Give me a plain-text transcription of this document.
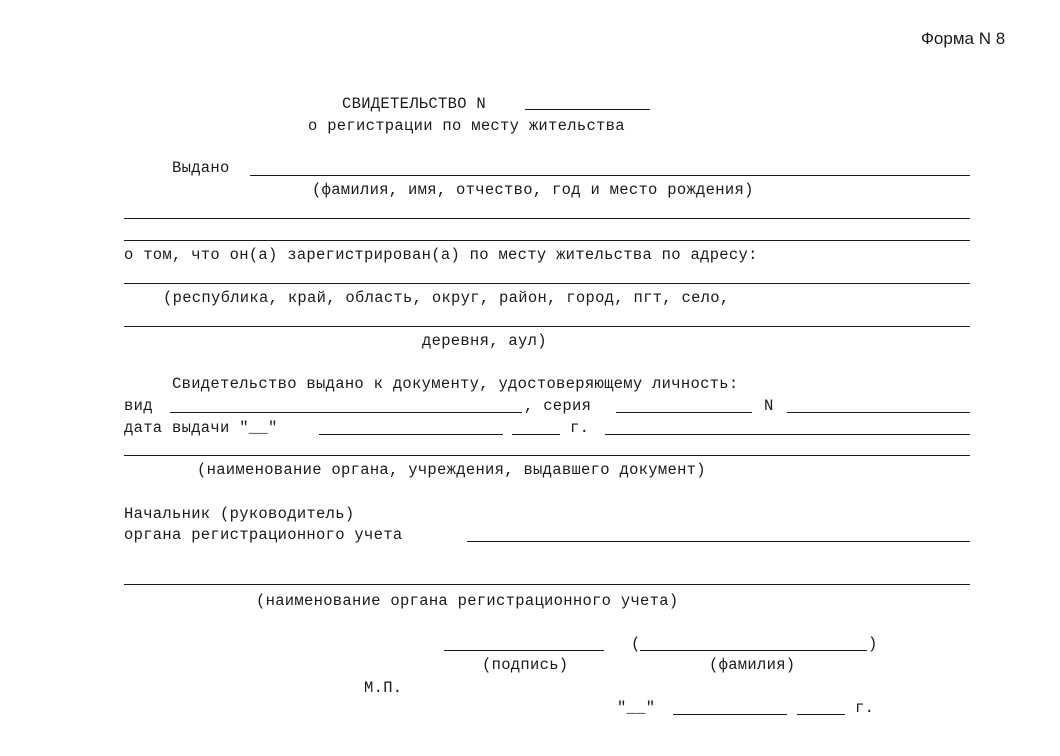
Форма N 8
СВИДЕТЕЛЬСТВО N
о регистрации по месту жительства
Выдано
(фамилия, имя, отчество, год и место рождения)
о том, что он(а) зарегистрирован(а) по месту жительства по адресу:
(республика, край, область, округ, район, город, пгт, село,
деревня, аул)
Свидетельство выдано к документу, удостоверяющему личность:
вид	, серия	N
дата выдачи "__"	г.
(наименование органа, учреждения, выдавшего документ)
Начальник (руководитель)
органа регистрационного учета
(наименование органа регистрационного учета)
(	)
(подпись)	(фамилия)
М.П.
"__"	г.
